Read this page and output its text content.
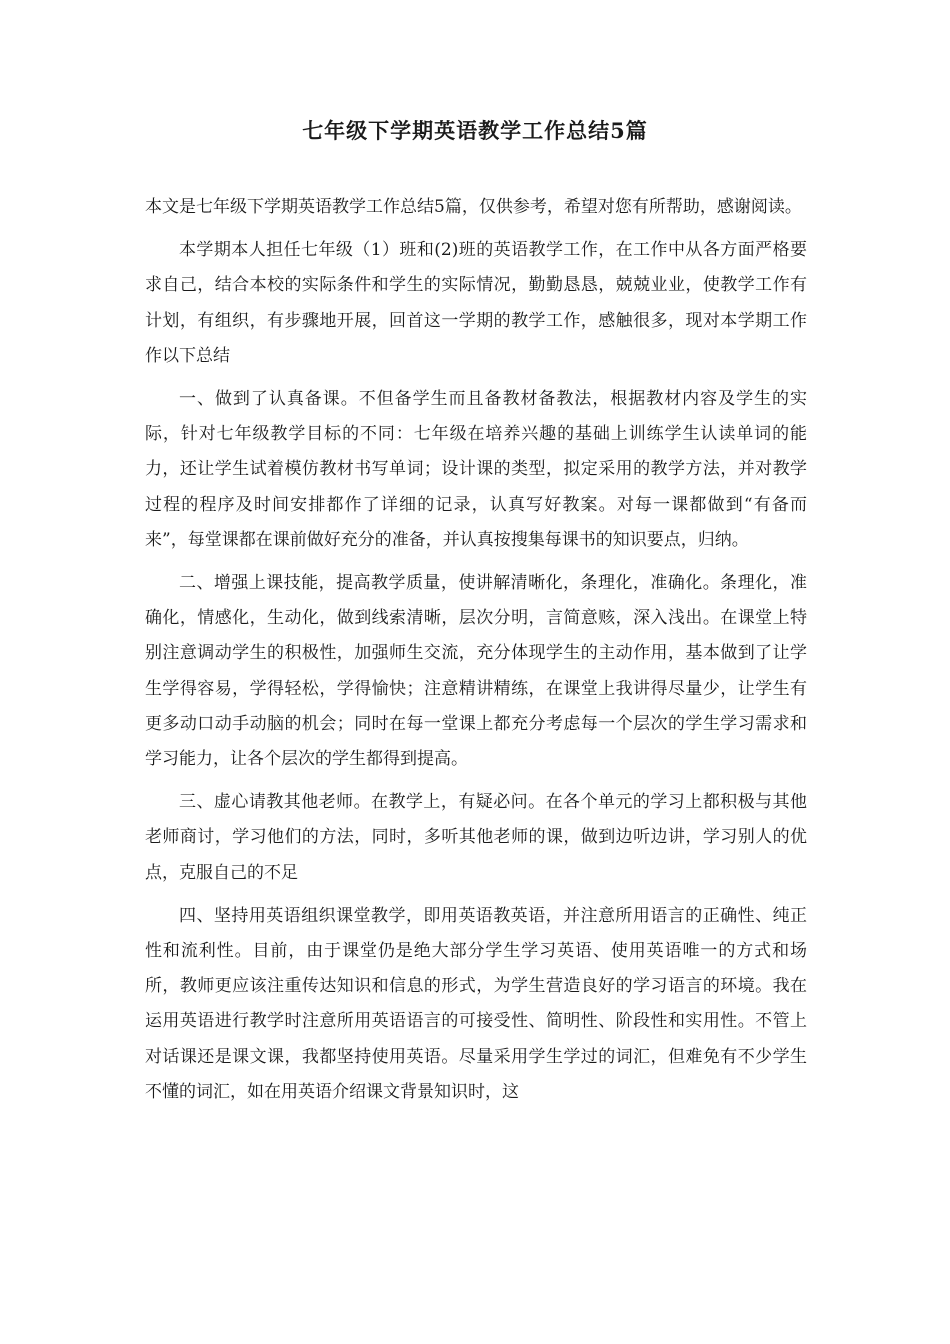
七年级下学期英语教学工作总结5篇

本文是七年级下学期英语教学工作总结5篇，仅供参考，希望对您有所帮助，感谢阅读。

本学期本人担任七年级（1）班和(2)班的英语教学工作，在工作中从各方面严格要求自己，结合本校的实际条件和学生的实际情况，勤勤恳恳，兢兢业业，使教学工作有计划，有组织，有步骤地开展，回首这一学期的教学工作，感触很多，现对本学期工作作以下总结

一、做到了认真备课。不但备学生而且备教材备教法，根据教材内容及学生的实际，针对七年级教学目标的不同：七年级在培养兴趣的基础上训练学生认读单词的能力，还让学生试着模仿教材书写单词；设计课的类型，拟定采用的教学方法，并对教学过程的程序及时间安排都作了详细的记录，认真写好教案。对每一课都做到“有备而来”，每堂课都在课前做好充分的准备，并认真按搜集每课书的知识要点，归纳。

二、增强上课技能，提高教学质量，使讲解清晰化，条理化，准确化。条理化，准确化，情感化，生动化，做到线索清晰，层次分明，言简意赅，深入浅出。在课堂上特别注意调动学生的积极性，加强师生交流，充分体现学生的主动作用，基本做到了让学生学得容易，学得轻松，学得愉快；注意精讲精练，在课堂上我讲得尽量少，让学生有更多动口动手动脑的机会；同时在每一堂课上都充分考虑每一个层次的学生学习需求和学习能力，让各个层次的学生都得到提高。

三、虚心请教其他老师。在教学上，有疑必问。在各个单元的学习上都积极与其他老师商讨，学习他们的方法，同时，多听其他老师的课，做到边听边讲，学习别人的优点，克服自己的不足

四、坚持用英语组织课堂教学，即用英语教英语，并注意所用语言的正确性、纯正性和流利性。目前，由于课堂仍是绝大部分学生学习英语、使用英语唯一的方式和场所，教师更应该注重传达知识和信息的形式，为学生营造良好的学习语言的环境。我在运用英语进行教学时注意所用英语语言的可接受性、简明性、阶段性和实用性。不管上对话课还是课文课，我都坚持使用英语。尽量采用学生学过的词汇，但难免有不少学生不懂的词汇，如在用英语介绍课文背景知识时，这
